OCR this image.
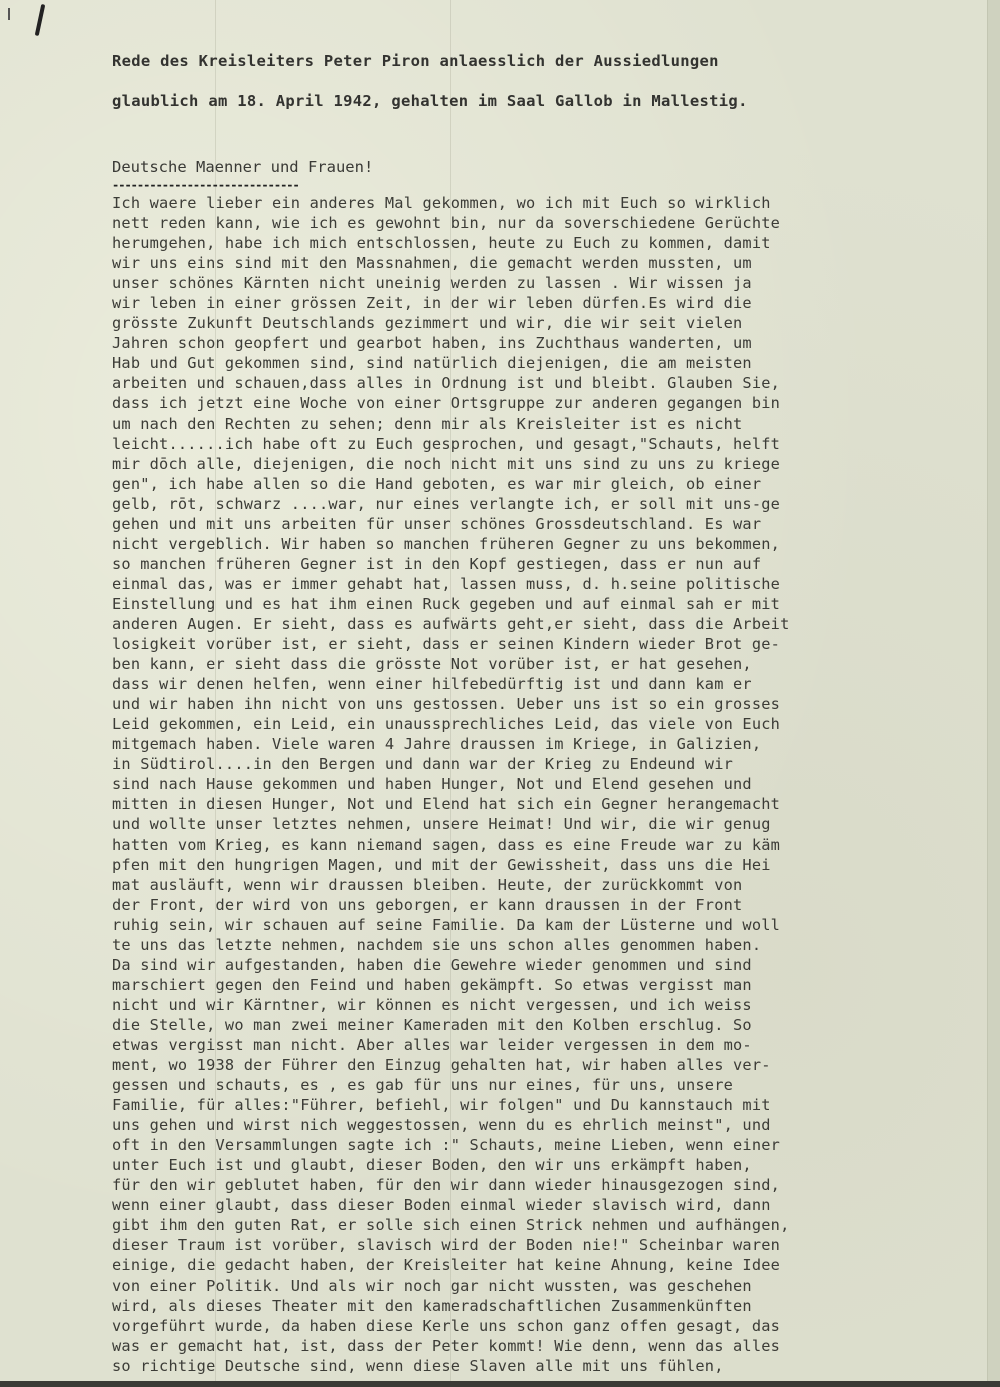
Rede des Kreisleiters Peter Piron anlaesslich der Aussiedlungen
glaublich am 18. April 1942, gehalten im Saal Gallob in Mallestig.
Deutsche Maenner und Frauen!
------------------------------
Ich waere lieber ein anderes Mal gekommen, wo ich mit Euch so wirklich
nett reden kann, wie ich es gewohnt bin, nur da soverschiedene Gerüchte
herumgehen, habe ich mich entschlossen, heute zu Euch zu kommen, damit
wir uns eins sind mit den Massnahmen, die gemacht werden mussten, um
unser schönes Kärnten nicht uneinig werden zu lassen . Wir wissen ja
wir leben in einer grössen Zeit, in der wir leben dürfen.Es wird die
grösste Zukunft Deutschlands gezimmert und wir, die wir seit vielen
Jahren schon geopfert und gearbot haben, ins Zuchthaus wanderten, um
Hab und Gut gekommen sind, sind natürlich diejenigen, die am meisten
arbeiten und schauen,dass alles in Ordnung ist und bleibt. Glauben Sie,
dass ich jetzt eine Woche von einer Ortsgruppe zur anderen gegangen bin
um nach den Rechten zu sehen; denn mir als Kreisleiter ist es nicht
leicht......ich habe oft zu Euch gesprochen, und gesagt,"Schauts, helft
mir dōch alle, diejenigen, die noch nicht mit uns sind zu uns zu kriege
gen", ich habe allen so die Hand geboten, es war mir gleich, ob einer
gelb, rōt, schwarz ....war, nur eines verlangte ich, er soll mit uns-ge
gehen und mit uns arbeiten für unser schönes Grossdeutschland. Es war
nicht vergeblich. Wir haben so manchen früheren Gegner zu uns bekommen,
so manchen früheren Gegner ist in den Kopf gestiegen, dass er nun auf
einmal das, was er immer gehabt hat, lassen muss, d. h.seine politische
Einstellung und es hat ihm einen Ruck gegeben und auf einmal sah er mit
anderen Augen. Er sieht, dass es aufwärts geht,er sieht, dass die Arbeit
losigkeit vorüber ist, er sieht, dass er seinen Kindern wieder Brot ge-
ben kann, er sieht dass die grösste Not vorüber ist, er hat gesehen,
dass wir denen helfen, wenn einer hilfebedürftig ist und dann kam er
und wir haben ihn nicht von uns gestossen. Ueber uns ist so ein grosses
Leid gekommen, ein Leid, ein unaussprechliches Leid, das viele von Euch
mitgemach haben. Viele waren 4 Jahre draussen im Kriege, in Galizien,
in Südtirol....in den Bergen und dann war der Krieg zu Endeund wir
sind nach Hause gekommen und haben Hunger, Not und Elend gesehen und
mitten in diesen Hunger, Not und Elend hat sich ein Gegner herangemacht
und wollte unser letztes nehmen, unsere Heimat! Und wir, die wir genug
hatten vom Krieg, es kann niemand sagen, dass es eine Freude war zu käm
pfen mit den hungrigen Magen, und mit der Gewissheit, dass uns die Hei
mat ausläuft, wenn wir draussen bleiben. Heute, der zurückkommt von
der Front, der wird von uns geborgen, er kann draussen in der Front
ruhig sein, wir schauen auf seine Familie. Da kam der Lüsterne und woll
te uns das letzte nehmen, nachdem sie uns schon alles genommen haben.
Da sind wir aufgestanden, haben die Gewehre wieder genommen und sind
marschiert gegen den Feind und haben gekämpft. So etwas vergisst man
nicht und wir Kärntner, wir können es nicht vergessen, und ich weiss
die Stelle, wo man zwei meiner Kameraden mit den Kolben erschlug. So
etwas vergisst man nicht. Aber alles war leider vergessen in dem mo-
ment, wo 1938 der Führer den Einzug gehalten hat, wir haben alles ver-
gessen und schauts, es , es gab für uns nur eines, für uns, unsere
Familie, für alles:"Führer, befiehl, wir folgen" und Du kannstauch mit
uns gehen und wirst nich weggestossen, wenn du es ehrlich meinst", und
oft in den Versammlungen sagte ich :" Schauts, meine Lieben, wenn einer
unter Euch ist und glaubt, dieser Boden, den wir uns erkämpft haben,
für den wir geblutet haben, für den wir dann wieder hinausgezogen sind,
wenn einer glaubt, dass dieser Boden einmal wieder slavisch wird, dann
gibt ihm den guten Rat, er solle sich einen Strick nehmen und aufhängen,
dieser Traum ist vorüber, slavisch wird der Boden nie!" Scheinbar waren
einige, die gedacht haben, der Kreisleiter hat keine Ahnung, keine Idee
von einer Politik. Und als wir noch gar nicht wussten, was geschehen
wird, als dieses Theater mit den kameradschaftlichen Zusammenkünften
vorgeführt wurde, da haben diese Kerle uns schon ganz offen gesagt, das
was er gemacht hat, ist, dass der Peter kommt! Wie denn, wenn das alles
so richtige Deutsche sind, wenn diese Slaven alle mit uns fühlen,
